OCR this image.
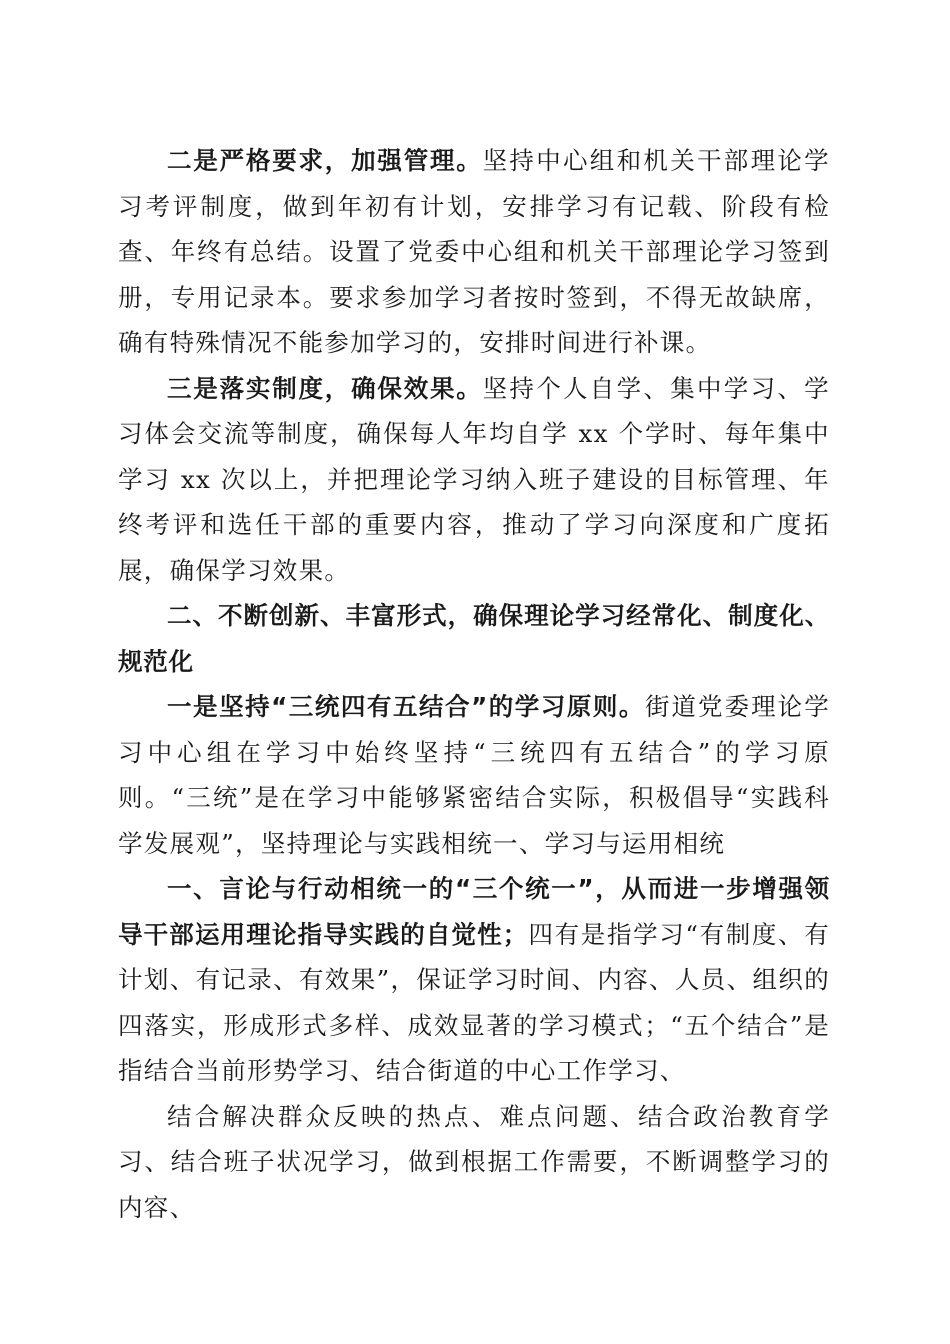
二是严格要求，加强管理。坚持中心组和机关干部理论学习考评制度，做到年初有计划，安排学习有记载、阶段有检查、年终有总结。设置了党委中心组和机关干部理论学习签到册，专用记录本。要求参加学习者按时签到，不得无故缺席，确有特殊情况不能参加学习的，安排时间进行补课。

三是落实制度，确保效果。坚持个人自学、集中学习、学习体会交流等制度，确保每人年均自学 xx 个学时、每年集中学习 xx 次以上，并把理论学习纳入班子建设的目标管理、年终考评和选任干部的重要内容，推动了学习向深度和广度拓展，确保学习效果。

二、不断创新、丰富形式，确保理论学习经常化、制度化、规范化

一是坚持“三统四有五结合”的学习原则。街道党委理论学习中心组在学习中始终坚持“三统四有五结合”的学习原则。“三统”是在学习中能够紧密结合实际，积极倡导“实践科学发展观”，坚持理论与实践相统一、学习与运用相统

一、言论与行动相统一的“三个统一”，从而进一步增强领导干部运用理论指导实践的自觉性；四有是指学习“有制度、有计划、有记录、有效果”，保证学习时间、内容、人员、组织的四落实，形成形式多样、成效显著的学习模式；“五个结合”是指结合当前形势学习、结合街道的中心工作学习、

结合解决群众反映的热点、难点问题、结合政治教育学习、结合班子状况学习，做到根据工作需要，不断调整学习的内容、
